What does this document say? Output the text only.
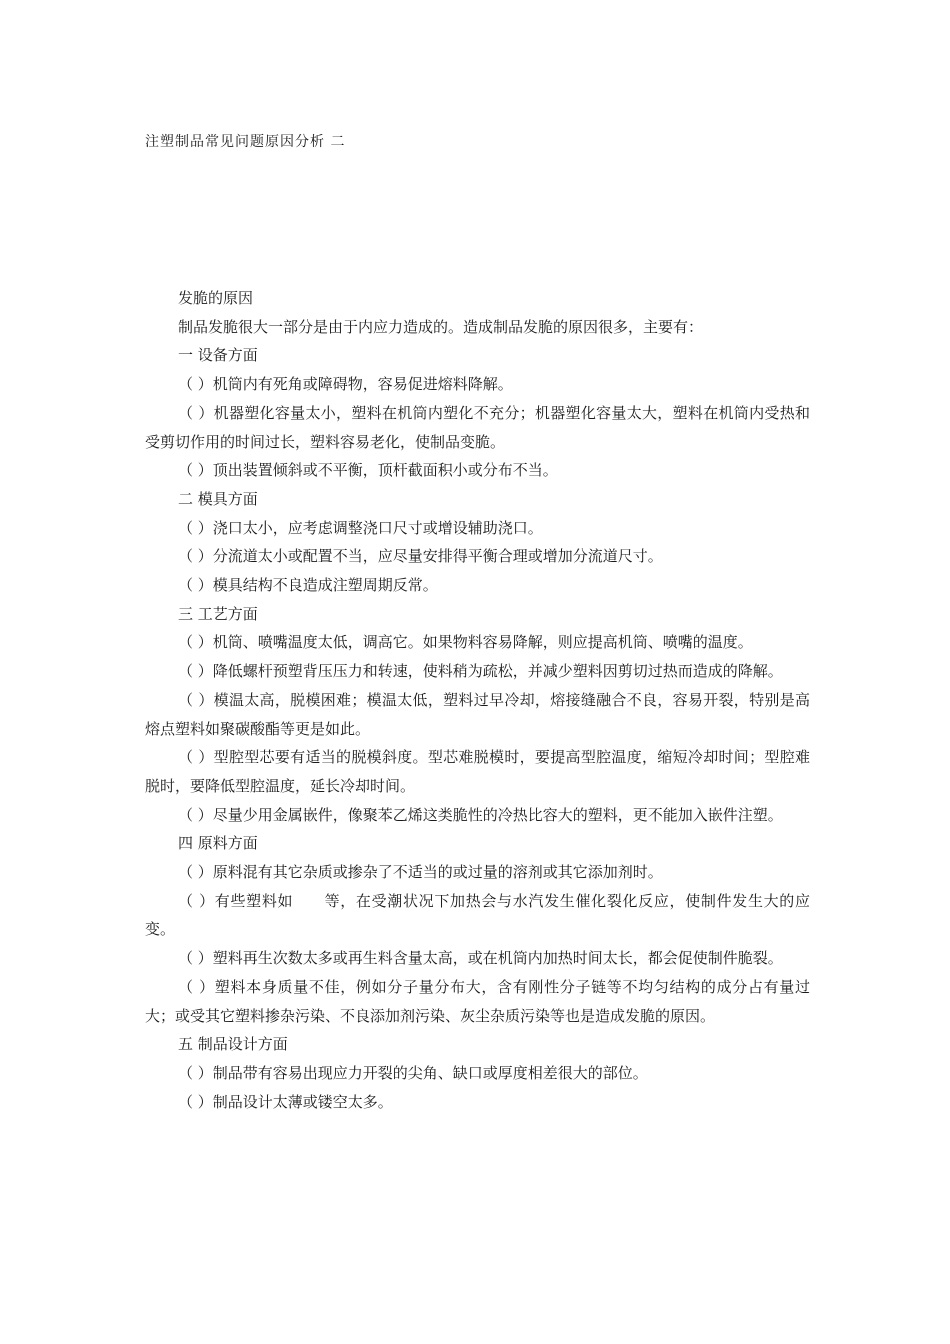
注塑制品常见问题原因分析 二
发脆的原因
制品发脆很大一部分是由于内应力造成的。造成制品发脆的原因很多，主要有：
一 设备方面
（ ）机筒内有死角或障碍物，容易促进熔料降解。
（ ）机器塑化容量太小，塑料在机筒内塑化不充分；机器塑化容量太大，塑料在机筒内受热和受剪切作用的时间过长，塑料容易老化，使制品变脆。
（ ）顶出装置倾斜或不平衡，顶杆截面积小或分布不当。
二 模具方面
（ ）浇口太小，应考虑调整浇口尺寸或增设辅助浇口。
（ ）分流道太小或配置不当，应尽量安排得平衡合理或增加分流道尺寸。
（ ）模具结构不良造成注塑周期反常。
三 工艺方面
（ ）机筒、喷嘴温度太低，调高它。如果物料容易降解，则应提高机筒、喷嘴的温度。
（ ）降低螺杆预塑背压压力和转速，使料稍为疏松，并减少塑料因剪切过热而造成的降解。
（ ）模温太高，脱模困难；模温太低，塑料过早冷却，熔接缝融合不良，容易开裂，特别是高熔点塑料如聚碳酸酯等更是如此。
（ ）型腔型芯要有适当的脱模斜度。型芯难脱模时，要提高型腔温度，缩短冷却时间；型腔难脱时，要降低型腔温度，延长冷却时间。
（ ）尽量少用金属嵌件，像聚苯乙烯这类脆性的冷热比容大的塑料，更不能加入嵌件注塑。
四 原料方面
（ ）原料混有其它杂质或掺杂了不适当的或过量的溶剂或其它添加剂时。
（ ）有些塑料如　　等，在受潮状况下加热会与水汽发生催化裂化反应，使制件发生大的应变。
（ ）塑料再生次数太多或再生料含量太高，或在机筒内加热时间太长，都会促使制件脆裂。
（ ）塑料本身质量不佳，例如分子量分布大，含有刚性分子链等不均匀结构的成分占有量过大；或受其它塑料掺杂污染、不良添加剂污染、灰尘杂质污染等也是造成发脆的原因。
五 制品设计方面
（ ）制品带有容易出现应力开裂的尖角、缺口或厚度相差很大的部位。
（ ）制品设计太薄或镂空太多。
